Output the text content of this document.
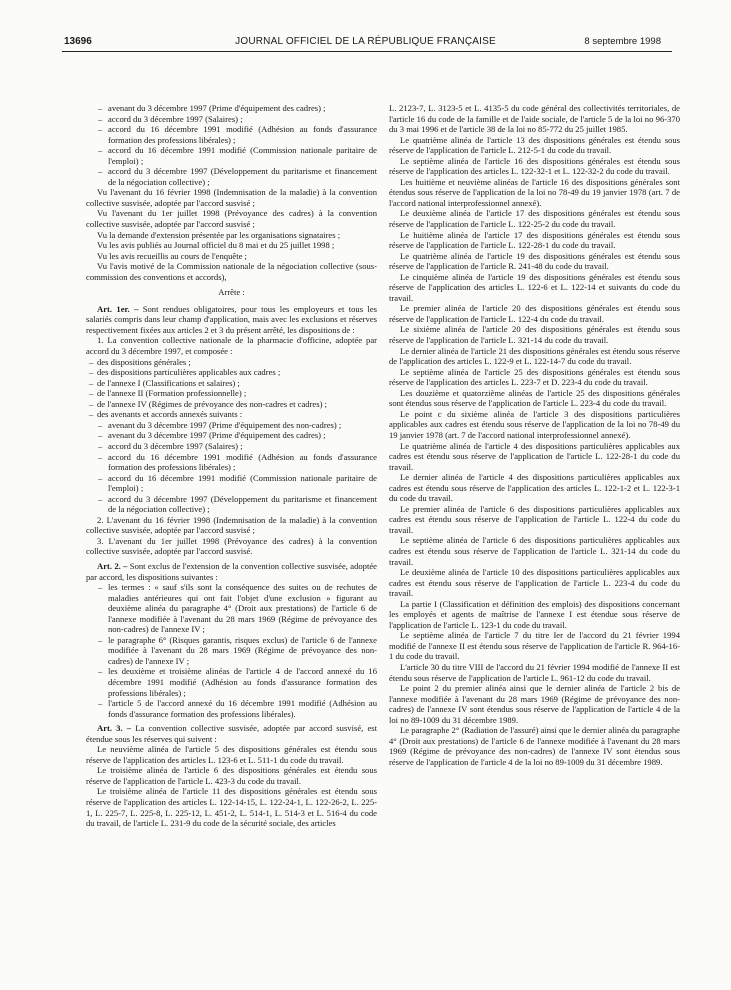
13696	JOURNAL OFFICIEL DE LA RÉPUBLIQUE FRANÇAISE	8 septembre 1998

– avenant du 3 décembre 1997 (Prime d'équipement des cadres) ;

– accord du 3 décembre 1997 (Salaires) ;

– accord du 16 décembre 1991 modifié (Adhésion au fonds d'assurance formation des professions libérales) ;

– accord du 16 décembre 1991 modifié (Commission nationale paritaire de l'emploi) ;

– accord du 3 décembre 1997 (Développement du paritarisme et financement de la négociation collective) ;

Vu l'avenant du 16 février 1998 (Indemnisation de la maladie) à la convention collective susvisée, adoptée par l'accord susvisé ;

Vu l'avenant du 1er juillet 1998 (Prévoyance des cadres) à la convention collective susvisée, adoptée par l'accord susvisé ;

Vu la demande d'extension présentée par les organisations signataires ;

Vu les avis publiés au Journal officiel du 8 mai et du 25 juillet 1998 ;

Vu les avis recueillis au cours de l'enquête ;

Vu l'avis motivé de la Commission nationale de la négociation collective (sous-commission des conventions et accords),

Arrête :

Art. 1er. – Sont rendues obligatoires, pour tous les employeurs et tous les salariés compris dans leur champ d'application, mais avec les exclusions et réserves respectivement fixées aux articles 2 et 3 du présent arrêté, les dispositions de :

1. La convention collective nationale de la pharmacie d'officine, adoptée par accord du 3 décembre 1997, et composée :

– des dispositions générales ;

– des dispositions particulières applicables aux cadres ;

– de l'annexe I (Classifications et salaires) ;

– de l'annexe II (Formation professionnelle) ;

– de l'annexe IV (Régimes de prévoyance des non-cadres et cadres) ;

– des avenants et accords annexés suivants :

– avenant du 3 décembre 1997 (Prime d'équipement des non-cadres) ;

– avenant du 3 décembre 1997 (Prime d'équipement des cadres) ;

– accord du 3 décembre 1997 (Salaires) ;

– accord du 16 décembre 1991 modifié (Adhésion au fonds d'assurance formation des professions libérales) ;

– accord du 16 décembre 1991 modifié (Commission nationale paritaire de l'emploi) ;

– accord du 3 décembre 1997 (Développement du paritarisme et financement de la négociation collective) ;

2. L'avenant du 16 février 1998 (Indemnisation de la maladie) à la convention collective susvisée, adoptée par l'accord susvisé ;

3. L'avenant du 1er juillet 1998 (Prévoyance des cadres) à la convention collective susvisée, adoptée par l'accord susvisé.

Art. 2. – Sont exclus de l'extension de la convention collective susvisée, adoptée par accord, les dispositions suivantes :

– les termes : « sauf s'ils sont la conséquence des suites ou de rechutes de maladies antérieures qui ont fait l'objet d'une exclusion » figurant au deuxième alinéa du paragraphe 4° (Droit aux prestations) de l'article 6 de l'annexe modifiée à l'avenant du 28 mars 1969 (Régime de prévoyance des non-cadres) de l'annexe IV ;

– le paragraphe 6° (Risques garantis, risques exclus) de l'article 6 de l'annexe modifiée à l'avenant du 28 mars 1969 (Régime de prévoyance des non-cadres) de l'annexe IV ;

– les deuxième et troisième alinéas de l'article 4 de l'accord annexé du 16 décembre 1991 modifié (Adhésion au fonds d'assurance formation des professions libérales) ;

– l'article 5 de l'accord annexé du 16 décembre 1991 modifié (Adhésion au fonds d'assurance formation des professions libérales).

Art. 3. – La convention collective susvisée, adoptée par accord susvisé, est étendue sous les réserves qui suivent :

Le neuvième alinéa de l'article 5 des dispositions générales est étendu sous réserve de l'application des articles L. 123-6 et L. 511-1 du code du travail.

Le troisième alinéa de l'article 6 des dispositions générales est étendu sous réserve de l'application de l'article L. 423-3 du code du travail.

Le troisième alinéa de l'article 11 des dispositions générales est étendu sous réserve de l'application des articles L. 122-14-15, L. 122-24-1, L. 122-26-2, L. 225-1, L. 225-7, L. 225-8, L. 225-12, L. 451-2, L. 514-1, L. 514-3 et L. 516-4 du code du travail, de l'article L. 231-9 du code de la sécurité sociale, des articles

L. 2123-7, L. 3123-5 et L. 4135-5 du code général des collectivités territoriales, de l'article 16 du code de la famille et de l'aide sociale, de l'article 5 de la loi no 96-370 du 3 mai 1996 et de l'article 38 de la loi no 85-772 du 25 juillet 1985.

Le quatrième alinéa de l'article 13 des dispositions générales est étendu sous réserve de l'application de l'article L. 212-5-1 du code du travail.

Le septième alinéa de l'article 16 des dispositions générales est étendu sous réserve de l'application des articles L. 122-32-1 et L. 122-32-2 du code du travail.

Les huitième et neuvième alinéas de l'article 16 des dispositions générales sont étendus sous réserve de l'application de la loi no 78-49 du 19 janvier 1978 (art. 7 de l'accord national interprofessionnel annexé).

Le deuxième alinéa de l'article 17 des dispositions générales est étendu sous réserve de l'application de l'article L. 122-25-2 du code du travail.

Le huitième alinéa de l'article 17 des dispositions générales est étendu sous réserve de l'application de l'article L. 122-28-1 du code du travail.

Le quatrième alinéa de l'article 19 des dispositions générales est étendu sous réserve de l'application de l'article R. 241-48 du code du travail.

Le cinquième alinéa de l'article 19 des dispositions générales est étendu sous réserve de l'application des articles L. 122-6 et L. 122-14 et suivants du code du travail.

Le premier alinéa de l'article 20 des dispositions générales est étendu sous réserve de l'application de l'article L. 122-4 du code du travail.

Le sixième alinéa de l'article 20 des dispositions générales est étendu sous réserve de l'application de l'article L. 321-14 du code du travail.

Le dernier alinéa de l'article 21 des dispositions générales est étendu sous réserve de l'application des articles L. 122-9 et L. 122-14-7 du code du travail.

Le septième alinéa de l'article 25 des dispositions générales est étendu sous réserve de l'application des articles L. 223-7 et D. 223-4 du code du travail.

Les douzième et quatorzième alinéas de l'article 25 des dispositions générales sont étendus sous réserve de l'application de l'article L. 223-4 du code du travail.

Le point c du sixième alinéa de l'article 3 des dispositions particulières applicables aux cadres est étendu sous réserve de l'application de la loi no 78-49 du 19 janvier 1978 (art. 7 de l'accord national interprofessionnel annexé).

Le quatrième alinéa de l'article 4 des dispositions particulières applicables aux cadres est étendu sous réserve de l'application de l'article L. 122-28-1 du code du travail.

Le dernier alinéa de l'article 4 des dispositions particulières applicables aux cadres est étendu sous réserve de l'application des articles L. 122-1-2 et L. 122-3-1 du code du travail.

Le premier alinéa de l'article 6 des dispositions particulières applicables aux cadres est étendu sous réserve de l'application de l'article L. 122-4 du code du travail.

Le septième alinéa de l'article 6 des dispositions particulières applicables aux cadres est étendu sous réserve de l'application de l'article L. 321-14 du code du travail.

Le deuxième alinéa de l'article 10 des dispositions particulières applicables aux cadres est étendu sous réserve de l'application de l'article L. 223-4 du code du travail.

La partie I (Classification et définition des emplois) des dispositions concernant les employés et agents de maîtrise de l'annexe I est étendue sous réserve de l'application de l'article L. 123-1 du code du travail.

Le septième alinéa de l'article 7 du titre Ier de l'accord du 21 février 1994 modifié de l'annexe II est étendu sous réserve de l'application de l'article R. 964-16-1 du code du travail.

L'article 30 du titre VIII de l'accord du 21 février 1994 modifié de l'annexe II est étendu sous réserve de l'application de l'article L. 961-12 du code du travail.

Le point 2 du premier alinéa ainsi que le dernier alinéa de l'article 2 bis de l'annexe modifiée à l'avenant du 28 mars 1969 (Régime de prévoyance des non-cadres) de l'annexe IV sont étendus sous réserve de l'application de l'article 4 de la loi no 89-1009 du 31 décembre 1989.

Le paragraphe 2° (Radiation de l'assuré) ainsi que le dernier alinéa du paragraphe 4° (Droit aux prestations) de l'article 6 de l'annexe modifiée à l'avenant du 28 mars 1969 (Régime de prévoyance des non-cadres) de l'annexe IV sont étendus sous réserve de l'application de l'article 4 de la loi no 89-1009 du 31 décembre 1989.
